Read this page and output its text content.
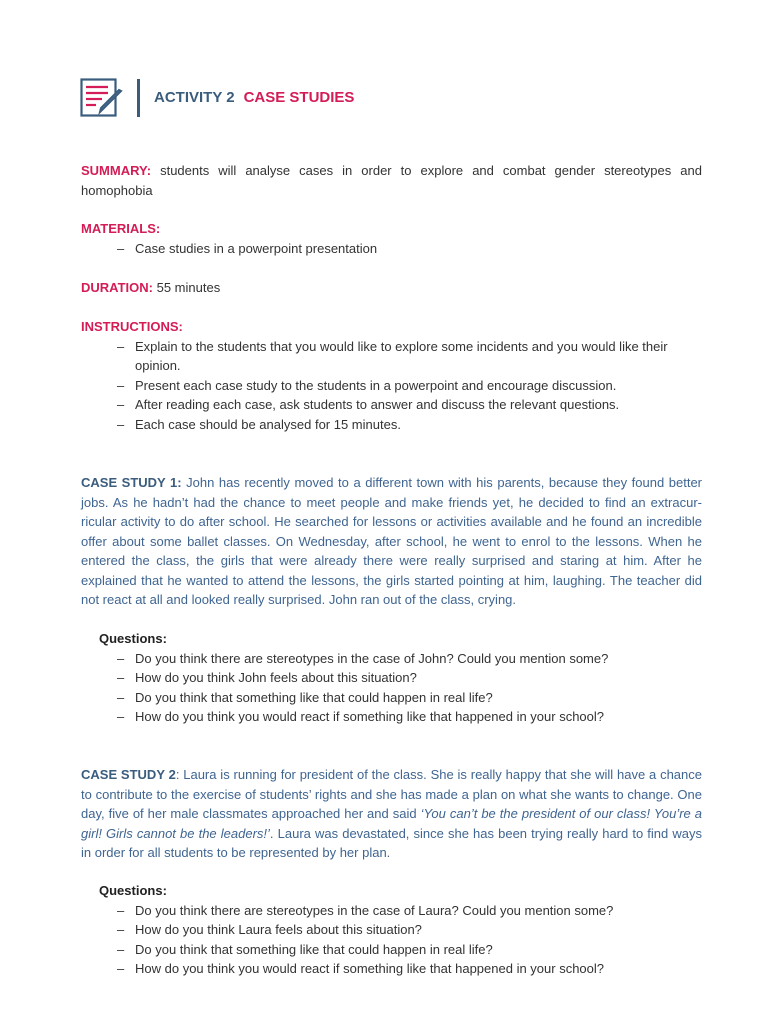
ACTIVITY 2 CASE STUDIES
SUMMARY: students will analyse cases in order to explore and combat gender stereotypes and homophobia
MATERIALS:
– Case studies in a powerpoint presentation
DURATION: 55 minutes
INSTRUCTIONS:
– Explain to the students that you would like to explore some incidents and you would like their opinion.
– Present each case study to the students in a powerpoint and encourage discussion.
– After reading each case, ask students to answer and discuss the relevant questions.
– Each case should be analysed for 15 minutes.
CASE STUDY 1: John has recently moved to a different town with his parents, because they found better jobs. As he hadn’t had the chance to meet people and make friends yet, he decided to find an extracurricular activity to do after school. He searched for lessons or activities available and he found an incredible offer about some ballet classes. On Wednesday, after school, he went to enrol to the lessons. When he entered the class, the girls that were already there were really surprised and staring at him. After he explained that he wanted to attend the lessons, the girls started pointing at him, laughing. The teacher did not react at all and looked really surprised. John ran out of the class, crying.
Questions:
– Do you think there are stereotypes in the case of John? Could you mention some?
– How do you think John feels about this situation?
– Do you think that something like that could happen in real life?
– How do you think you would react if something like that happened in your school?
CASE STUDY 2: Laura is running for president of the class. She is really happy that she will have a chance to contribute to the exercise of students’ rights and she has made a plan on what she wants to change. One day, five of her male classmates approached her and said ‘You can’t be the president of our class! You’re a girl! Girls cannot be the leaders!’. Laura was devastated, since she has been trying really hard to find ways in order for all students to be represented by her plan.
Questions:
– Do you think there are stereotypes in the case of Laura? Could you mention some?
– How do you think Laura feels about this situation?
– Do you think that something like that could happen in real life?
– How do you think you would react if something like that happened in your school?
